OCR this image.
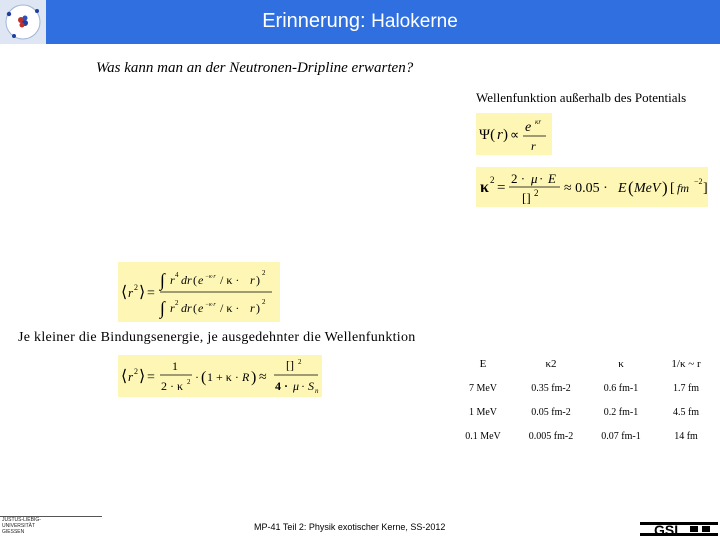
Erinnerung: Halokerne
Was kann man an der Neutronen-Dripline erwarten?
Wellenfunktion außerhalb des Potentials
Ψ( r ) ∝ e κr
r
κ 2 =
2 · μ · E
[] 2 ≈ 0.05 · E ( MeV ) [ fm −2 ]
⟨ r 2 ⟩ =
∫ r 4 dr ( e −κ·r / κ · r ) 2
∫ r 2 dr ( e −κ·r / κ · r ) 2
Je kleiner die Bindungsenergie, je ausgedehnter die Wellenfunktion
⟨ r 2 ⟩ =
1
2 · κ 2 · ( 1 + κ · R ) ≈
[] 2
4 · μ · S n
E	κ2	κ	1/κ ~ r
7 MeV	0.35 fm-2	0.6 fm-1	1.7 fm
1 MeV	0.05 fm-2	0.2 fm-1	4.5 fm
0.1 MeV	0.005 fm-2	0.07 fm-1	14 fm
JUSTUS-LIEBIG-
UNIVERSITÄT
GIESSEN	MP-41 Teil 2: Physik exotischer Kerne, SS-2012	GSI
